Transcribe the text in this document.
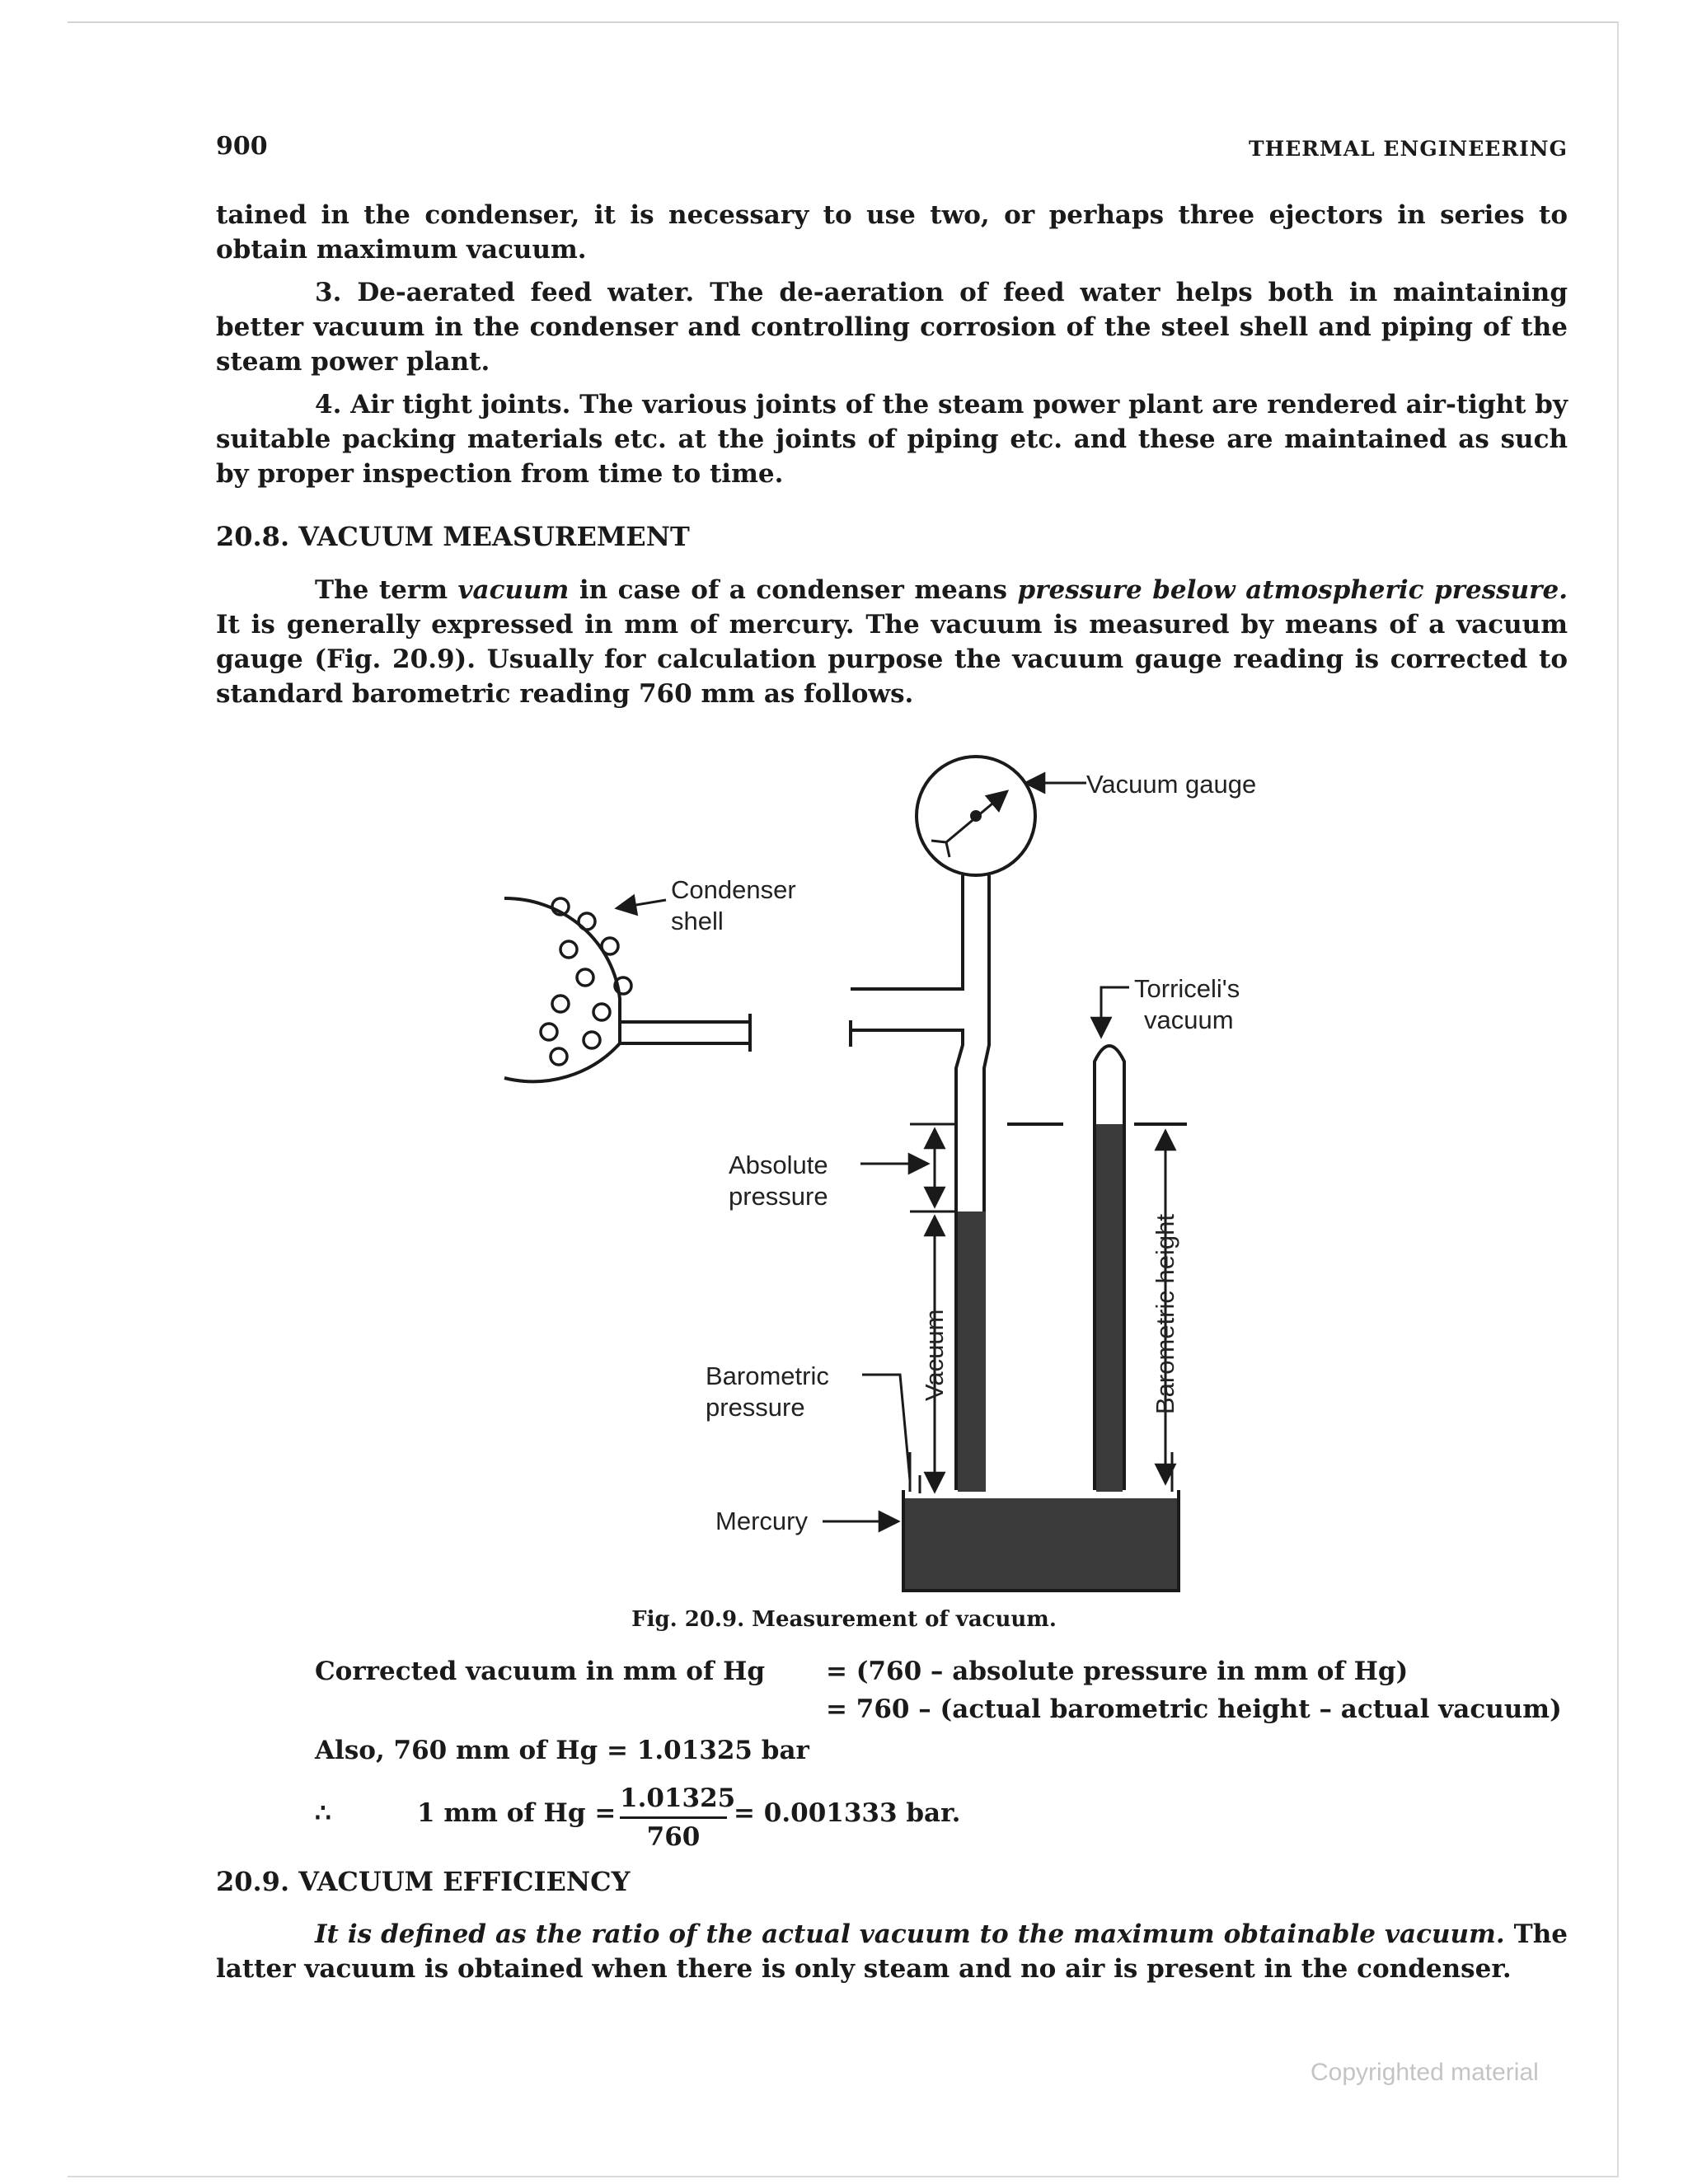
900	THERMAL ENGINEERING

tained in the condenser, it is necessary to use two, or perhaps three ejectors in series to obtain maximum vacuum.

3. De-aerated feed water. The de-aeration of feed water helps both in maintaining better vacuum in the condenser and controlling corrosion of the steel shell and piping of the steam power plant.

4. Air tight joints. The various joints of the steam power plant are rendered air-tight by suitable packing materials etc. at the joints of piping etc. and these are maintained as such by proper inspection from time to time.

20.8. VACUUM MEASUREMENT

The term vacuum in case of a condenser means pressure below atmospheric pressure. It is generally expressed in mm of mercury. The vacuum is measured by means of a vacuum gauge (Fig. 20.9). Usually for calculation purpose the vacuum gauge reading is corrected to standard barometric reading 760 mm as follows.

Vacuum gauge
Condenser
shell
Torriceli's
vacuum
Absolute
pressure
Barometric
pressure
Mercury
Vacuum	Barometric height

Fig. 20.9. Measurement of vacuum.

Corrected vacuum in mm of Hg = (760 – absolute pressure in mm of Hg)

= 760 – (actual barometric height – actual vacuum)

Also, 760 mm of Hg = 1.01325 bar

∴	1 mm of Hg = 1.01325
760

= 0.001333 bar.

20.9. VACUUM EFFICIENCY

It is defined as the ratio of the actual vacuum to the maximum obtainable vacuum. The latter vacuum is obtained when there is only steam and no air is present in the condenser.

Copyrighted material
